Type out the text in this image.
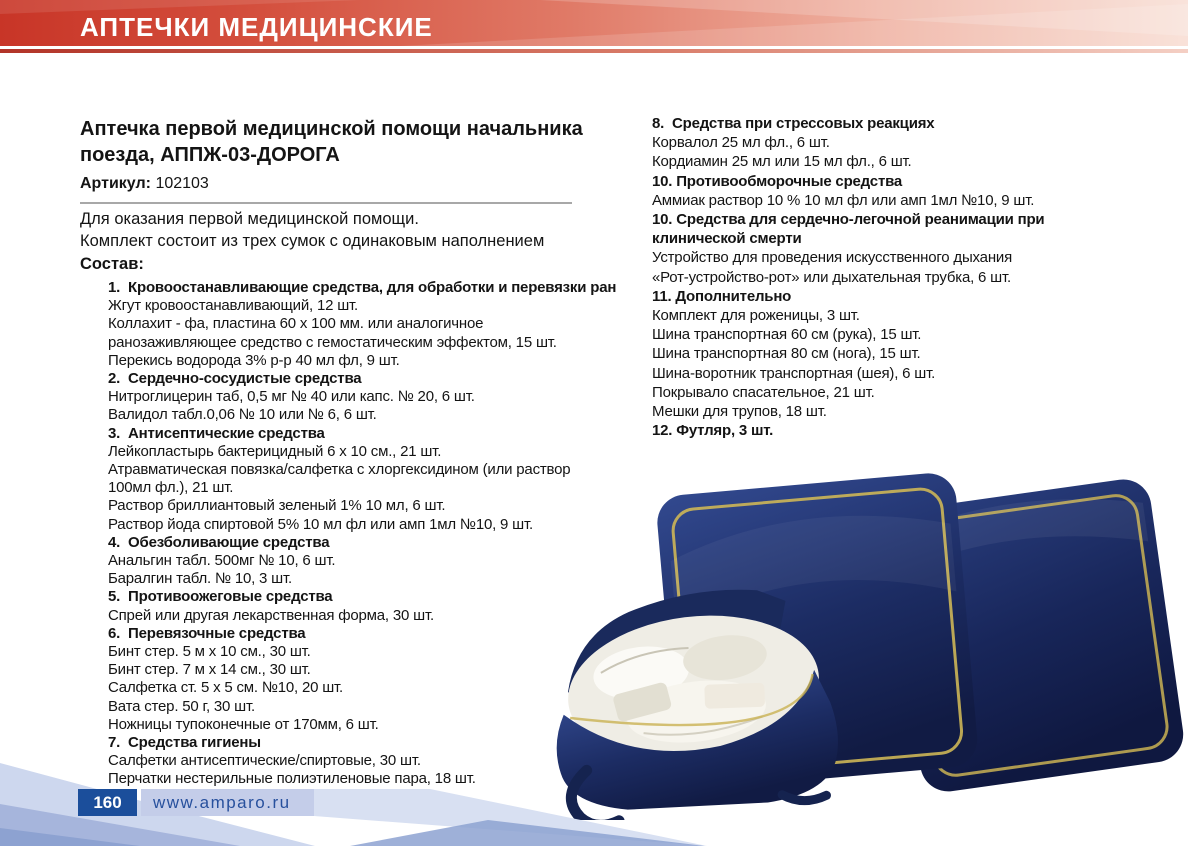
АПТЕЧКИ МЕДИЦИНСКИЕ
Аптечка первой медицинской помощи начальника
поезда, АППЖ-03-ДОРОГА
Артикул: 102103
Для оказания первой медицинской помощи.
Комплект состоит из трех сумок с одинаковым наполнением
Состав:
1.  Кровоостанавливающие средства, для обработки и перевязки ран
Жгут кровоостанавливающий, 12 шт.
Коллахит - фа, пластина 60 х 100 мм. или аналогичное
ранозаживляющее средство с гемостатическим эффектом, 15 шт.
Перекись водорода 3% р-р 40 мл фл, 9 шт.
2.  Сердечно-сосудистые средства
Нитроглицерин таб, 0,5 мг № 40 или капс. № 20, 6 шт.
Валидол табл.0,06 № 10 или № 6, 6 шт.
3.  Антисептические средства
Лейкопластырь бактерицидный 6 х 10 см., 21 шт.
Атравматическая повязка/салфетка с хлоргексидином (или раствор
100мл фл.), 21 шт.
Раствор бриллиантовый зеленый 1% 10 мл, 6 шт.
Раствор йода спиртовой 5% 10 мл фл или амп 1мл №10, 9 шт.
4.  Обезболивающие средства
Анальгин табл. 500мг № 10, 6 шт.
Баралгин табл. № 10, 3 шт.
5.  Противоожеговые средства
Спрей или другая лекарственная форма, 30 шт.
6.  Перевязочные средства
Бинт стер. 5 м х 10 см., 30 шт.
Бинт стер. 7 м х 14 см., 30 шт.
Салфетка ст. 5 х 5 см. №10, 20 шт.
Вата стер. 50 г, 30 шт.
Ножницы тупоконечные от 170мм, 6 шт.
7.  Средства гигиены
Салфетки антисептические/спиртовые, 30 шт.
Перчатки нестерильные полиэтиленовые пара, 18 шт.
8.  Средства при стрессовых реакциях
Корвалол 25 мл фл., 6 шт.
Кордиамин 25 мл или 15 мл фл., 6 шт.
10. Противообморочные средства
Аммиак раствор 10 % 10 мл фл или амп 1мл №10, 9 шт.
10. Средства для сердечно-легочной реанимации при
клинической смерти
Устройство для проведения искусственного дыхания
«Рот-устройство-рот» или дыхательная трубка, 6 шт.
11. Дополнительно
Комплект для роженицы, 3 шт.
Шина транспортная 60 см (рука), 15 шт.
Шина транспортная 80 см (нога), 15 шт.
Шина-воротник транспортная (шея), 6 шт.
Покрывало спасательное, 21 шт.
Мешки для трупов, 18 шт.
12. Футляр, 3 шт.
160	www.amparo.ru
